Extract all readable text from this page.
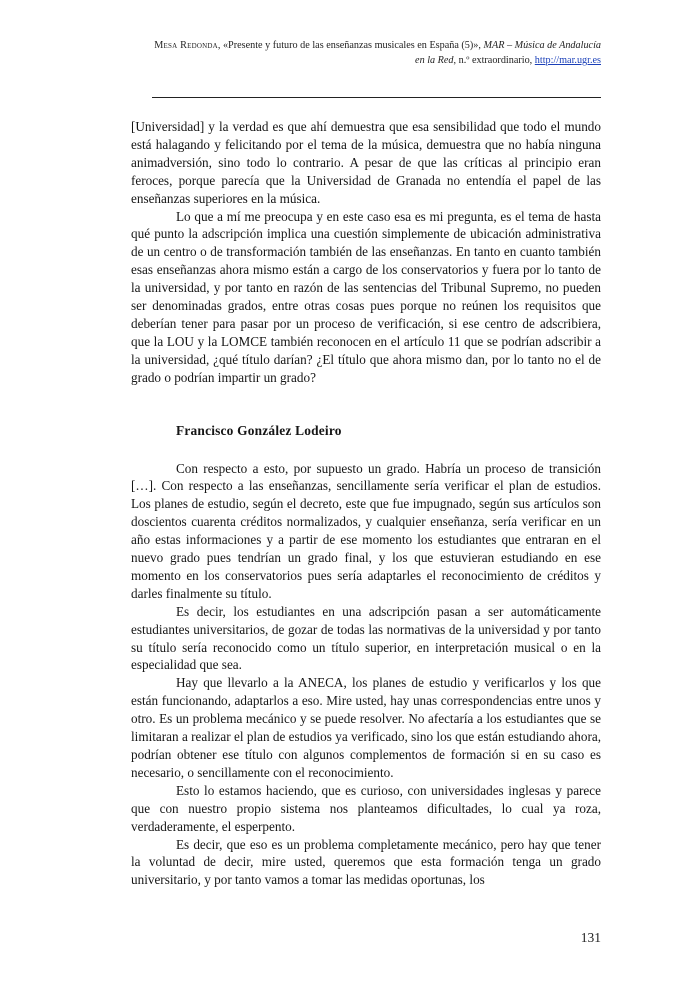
Mesa Redonda, «Presente y futuro de las enseñanzas musicales en España (5)», MAR – Música de Andalucía en la Red, n.º extraordinario, http://mar.ugr.es

[Universidad] y la verdad es que ahí demuestra que esa sensibilidad que todo el mundo está halagando y felicitando por el tema de la música, demuestra que no había ninguna animadversión, sino todo lo contrario. A pesar de que las críticas al principio eran feroces, porque parecía que la Universidad de Granada no entendía el papel de las enseñanzas superiores en la música.

Lo que a mí me preocupa y en este caso esa es mi pregunta, es el tema de hasta qué punto la adscripción implica una cuestión simplemente de ubicación administrativa de un centro o de transformación también de las enseñanzas. En tanto en cuanto también esas enseñanzas ahora mismo están a cargo de los conservatorios y fuera por lo tanto de la universidad, y por tanto en razón de las sentencias del Tribunal Supremo, no pueden ser denominadas grados, entre otras cosas pues porque no reúnen los requisitos que deberían tener para pasar por un proceso de verificación, si ese centro de adscribiera, que la LOU y la LOMCE también reconocen en el artículo 11 que se podrían adscribir a la universidad, ¿qué título darían? ¿El título que ahora mismo dan, por lo tanto no el de grado o podrían impartir un grado?

Francisco González Lodeiro

Con respecto a esto, por supuesto un grado. Habría un proceso de transición […]. Con respecto a las enseñanzas, sencillamente sería verificar el plan de estudios. Los planes de estudio, según el decreto, este que fue impugnado, según sus artículos son doscientos cuarenta créditos normalizados, y cualquier enseñanza, sería verificar en un año estas informaciones y a partir de ese momento los estudiantes que entraran en el nuevo grado pues tendrían un grado final, y los que estuvieran estudiando en ese momento en los conservatorios pues sería adaptarles el reconocimiento de créditos y darles finalmente su título.

Es decir, los estudiantes en una adscripción pasan a ser automáticamente estudiantes universitarios, de gozar de todas las normativas de la universidad y por tanto su título sería reconocido como un título superior, en interpretación musical o en la especialidad que sea.

Hay que llevarlo a la ANECA, los planes de estudio y verificarlos y los que están funcionando, adaptarlos a eso. Mire usted, hay unas correspondencias entre unos y otro. Es un problema mecánico y se puede resolver. No afectaría a los estudiantes que se limitaran a realizar el plan de estudios ya verificado, sino los que están estudiando ahora, podrían obtener ese título con algunos complementos de formación si en su caso es necesario, o sencillamente con el reconocimiento.

Esto lo estamos haciendo, que es curioso, con universidades inglesas y parece que con nuestro propio sistema nos planteamos dificultades, lo cual ya roza, verdaderamente, el esperpento.

Es decir, que eso es un problema completamente mecánico, pero hay que tener la voluntad de decir, mire usted, queremos que esta formación tenga un grado universitario, y por tanto vamos a tomar las medidas oportunas, los

131
